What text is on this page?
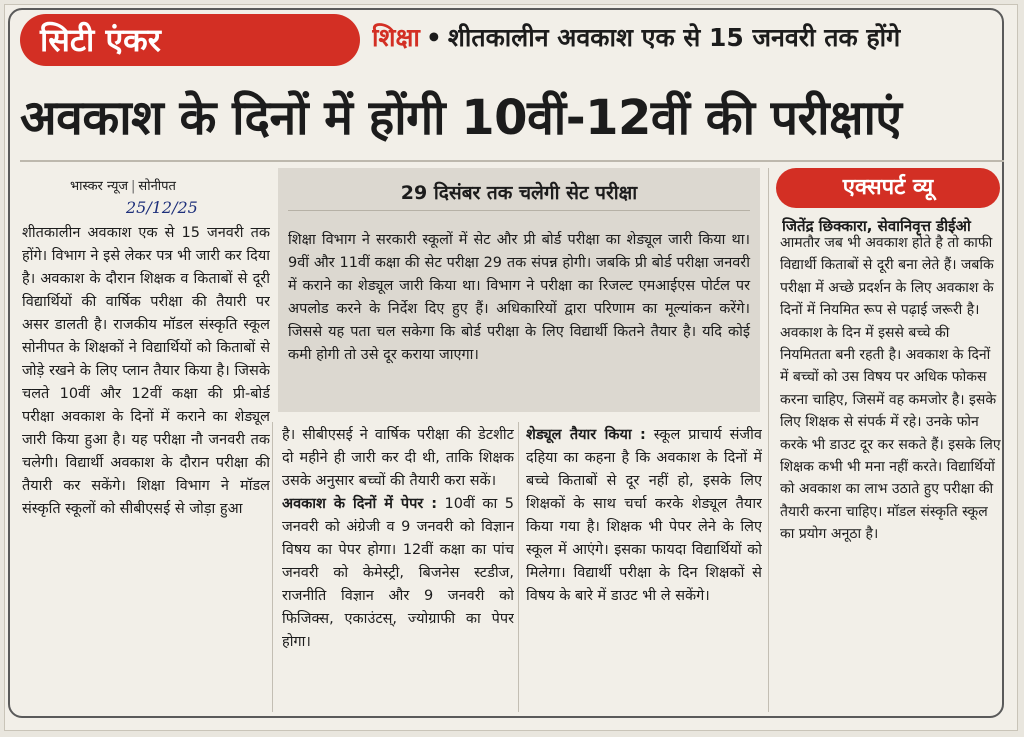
सिटी एंकर	शिक्षा • शीतकालीन अवकाश एक से 15 जनवरी तक होंगे
अवकाश के दिनों में होंगी 10वीं-12वीं की परीक्षाएं
भास्कर न्यूज | सोनीपत
25/12/25

शीतकालीन अवकाश एक से 15 जनवरी तक होंगे। विभाग ने इसे लेकर पत्र भी जारी कर दिया है। अवकाश के दौरान शिक्षक व किताबों से दूरी विद्यार्थियों की वार्षिक परीक्षा की तैयारी पर असर डालती है। राजकीय मॉडल संस्कृति स्कूल सोनीपत के शिक्षकों ने विद्यार्थियों को किताबों से जोड़े रखने के लिए प्लान तैयार किया है। जिसके चलते 10वीं और 12वीं कक्षा की प्री-बोर्ड परीक्षा अवकाश के दिनों में कराने का शेड्यूल जारी किया हुआ है। यह परीक्षा नौ जनवरी तक चलेगी। विद्यार्थी अवकाश के दौरान परीक्षा की तैयारी कर सकेंगे। शिक्षा विभाग ने मॉडल संस्कृति स्कूलों को सीबीएसई से जोड़ा हुआ

29 दिसंबर तक चलेगी सेट परीक्षा
शिक्षा विभाग ने सरकारी स्कूलों में सेट और प्री बोर्ड परीक्षा का शेड्यूल जारी किया था। 9वीं और 11वीं कक्षा की सेट परीक्षा 29 तक संपन्न होगी। जबकि प्री बोर्ड परीक्षा जनवरी में कराने का शेड्यूल जारी किया था। विभाग ने परीक्षा का रिजल्ट एमआईएस पोर्टल पर अपलोड करने के निर्देश दिए हुए हैं। अधिकारियों द्वारा परिणाम का मूल्यांकन करेंगे। जिससे यह पता चल सकेगा कि बोर्ड परीक्षा के लिए विद्यार्थी कितने तैयार है। यदि कोई कमी होगी तो उसे दूर कराया जाएगा।

है। सीबीएसई ने वार्षिक परीक्षा की डेटशीट दो महीने ही जारी कर दी थी, ताकि शिक्षक उसके अनुसार बच्चों की तैयारी करा सकें।

अवकाश के दिनों में पेपर : 10वीं का 5 जनवरी को अंग्रेजी व 9 जनवरी को विज्ञान विषय का पेपर होगा। 12वीं कक्षा का पांच जनवरी को केमेस्ट्री, बिजनेस स्टडीज, राजनीति विज्ञान और 9 जनवरी को फिजिक्स, एकाउंटस्, ज्योग्राफी का पेपर होगा।

शेड्यूल तैयार किया : स्कूल प्राचार्य संजीव दहिया का कहना है कि अवकाश के दिनों में बच्चे किताबों से दूर नहीं हो, इसके लिए शिक्षकों के साथ चर्चा करके शेड्यूल तैयार किया गया है। शिक्षक भी पेपर लेने के लिए स्कूल में आएंगे। इसका फायदा विद्यार्थियों को मिलेगा। विद्यार्थी परीक्षा के दिन शिक्षकों से विषय के बारे में डाउट भी ले सकेंगे।

एक्सपर्ट व्यू
जितेंद्र छिक्कारा, सेवानिवृत्त डीईओ

आमतौर जब भी अवकाश होते है तो काफी विद्यार्थी किताबों से दूरी बना लेते हैं। जबकि परीक्षा में अच्छे प्रदर्शन के लिए अवकाश के दिनों में नियमित रूप से पढ़ाई जरूरी है। अवकाश के दिन में इससे बच्चे की नियमितता बनी रहती है। अवकाश के दिनों में बच्चों को उस विषय पर अधिक फोकस करना चाहिए, जिसमें वह कमजोर है। इसके लिए शिक्षक से संपर्क में रहे। उनके फोन करके भी डाउट दूर कर सकते हैं। इसके लिए शिक्षक कभी भी मना नहीं करते। विद्यार्थियों को अवकाश का लाभ उठाते हुए परीक्षा की तैयारी करना चाहिए। मॉडल संस्कृति स्कूल का प्रयोग अनूठा है।
